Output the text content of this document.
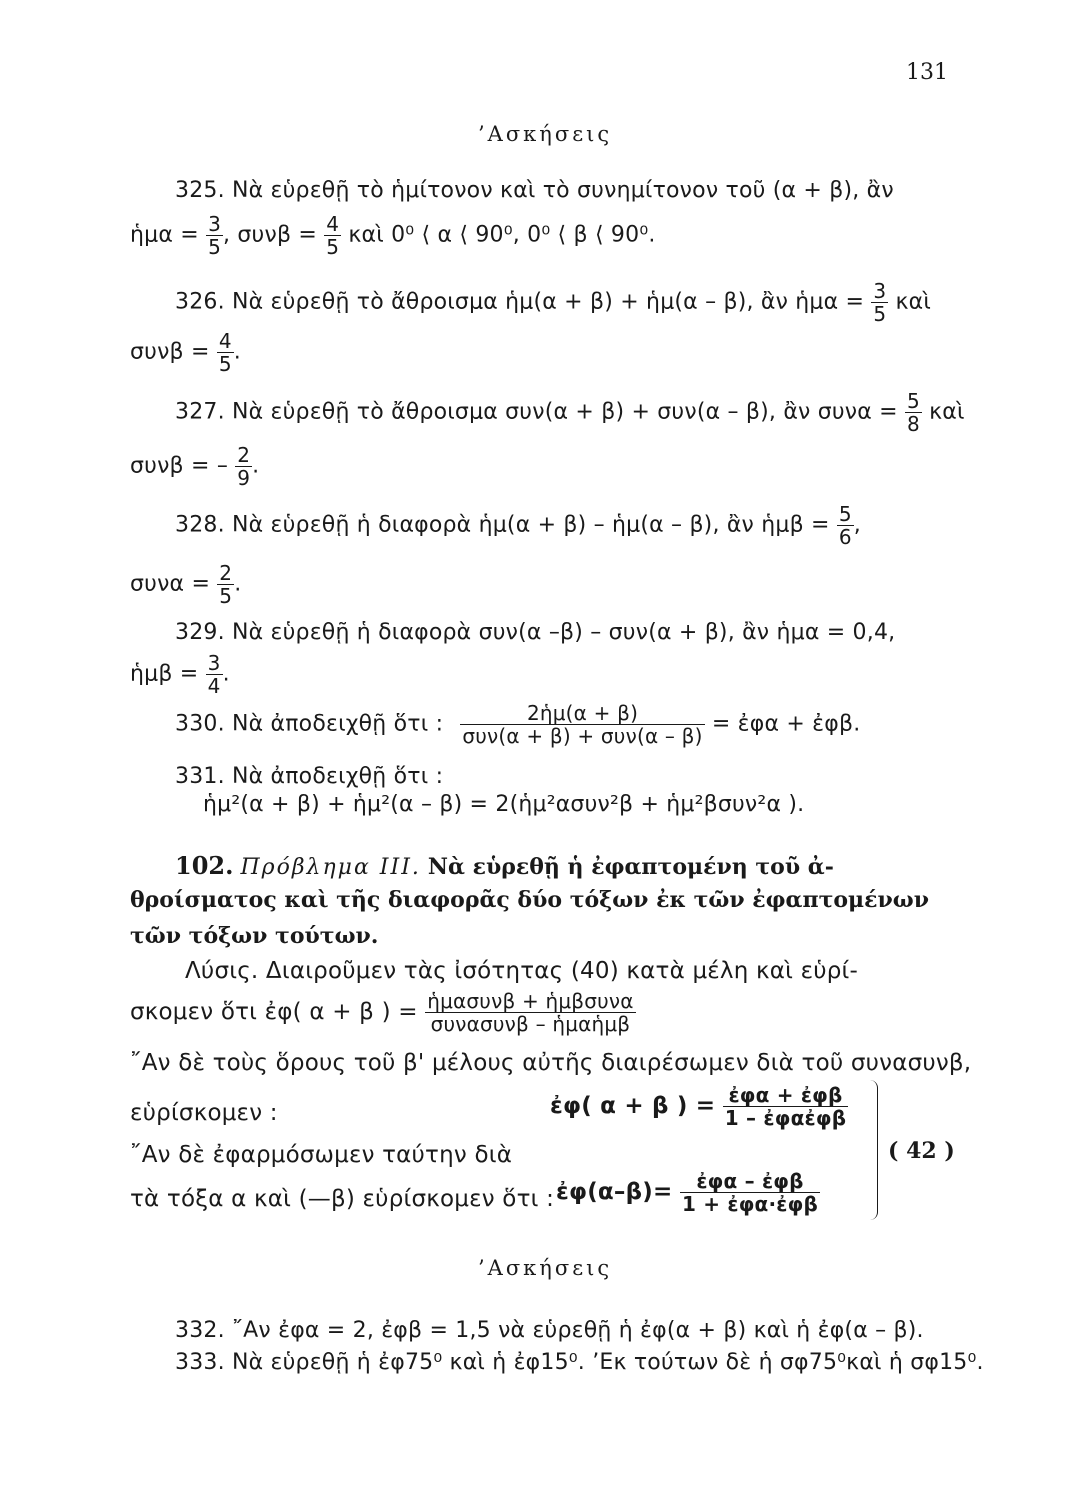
131
’Ασκήσεις
325. Νὰ εὑρεθῇ τὸ ἡμίτονον καὶ τὸ συνημίτονον τοῦ (α + β), ἂν
ἡμα = $\frac{3}{5}$ , $\sigma\upsilon\nu\beta = \frac{4}{5}$ καὶ 0⁰ ⟨ α ⟨ 90⁰, 0⁰ ⟨ β ⟨ 90⁰.
326. Νὰ εὑρεθῇ τὸ ἄθροισμα ἡμ(α + β) + ἡμ(α – β), ἂν ἡμα = $\frac{3}{5}$ καὶ
$\sigma\upsilon\nu\beta = \frac{4}{5}$ .
327. Νὰ εὑρεθῇ τὸ ἄθροισμα συν(α + β) + συν(α – β), ἂν $\sigma\upsilon\nu\alpha = \frac{5}{8}$ καὶ
συνβ = – $\frac{2}{9}$ .
328. Νὰ εὑρεθῇ ἡ διαφορὰ ἡμ(α + β) – ἡμ(α – β), ἂν ἡμβ = $\frac{5}{6}$ ,
$\sigma\upsilon\nu\alpha = \frac{2}{5}$ .
329. Νὰ εὑρεθῇ ἡ διαφορὰ συν(α –β) – συν(α + β), ἂν ἡμα = 0,4,
ἡμβ = $\frac{3}{4}$ .
330. Νὰ ἀποδειχθῇ ὅτι : $\frac{\text{2ἡμ(α + β)}}{\text{συν(α + β) + συν(α – β)}}$ = ἐφα + ἐφβ.
331. Νὰ ἀποδειχθῇ ὅτι :
ἡμ²(α + β) + ἡμ²(α – β) = 2(ἡμ²ασυν²β + ἡμ²βσυν²α ).
102. Πρόβλημα ΙΙΙ. Νὰ εὑρεθῇ ἡ ἐφαπτομένη τοῦ ἀ-
θροίσματος καὶ τῆς διαφορᾶς δύο τόξων ἐκ τῶν ἐφαπτομένων
τῶν τόξων τούτων.
Λύσις. Διαιροῦμεν τὰς ἰσότητας (40) κατὰ μέλη καὶ εὑρί-
σκομεν ὅτι ἐφ( α + β ) = $\frac{\text{ἡμασυνβ + ἡμβσυνα}}{\text{συνασυνβ – ἡμαἡμβ}}$
῎Αν δὲ τοὺς ὅρους τοῦ β' μέλους αὐτῆς διαιρέσωμεν διὰ τοῦ συνασυνβ,
εὑρίσκομεν :	ἐφ( α + β ) = $\frac{\text{ἐφα + ἐφβ}}{\text{1 – ἐφαἐφβ}}$
῎Αν δὲ ἐφαρμόσωμεν ταύτην διὰ
τὰ τόξα α καὶ (—β) εὑρίσκομεν ὅτι : ἐφ(α–β)= $\frac{\text{ἐφα – ἐφβ}}{\text{1 + ἐφα·ἐφβ}}$
( 42 )
’Ασκήσεις
332. ῎Αν ἐφα = 2, ἐφβ = 1,5 νὰ εὑρεθῇ ἡ ἐφ(α + β) καὶ ἡ ἐφ(α – β).
333. Νὰ εὑρεθῇ ἡ ἐφ75⁰ καὶ ἡ ἐφ15⁰. ’Εκ τούτων δὲ ἡ σφ75⁰καὶ ἡ σφ15⁰.
